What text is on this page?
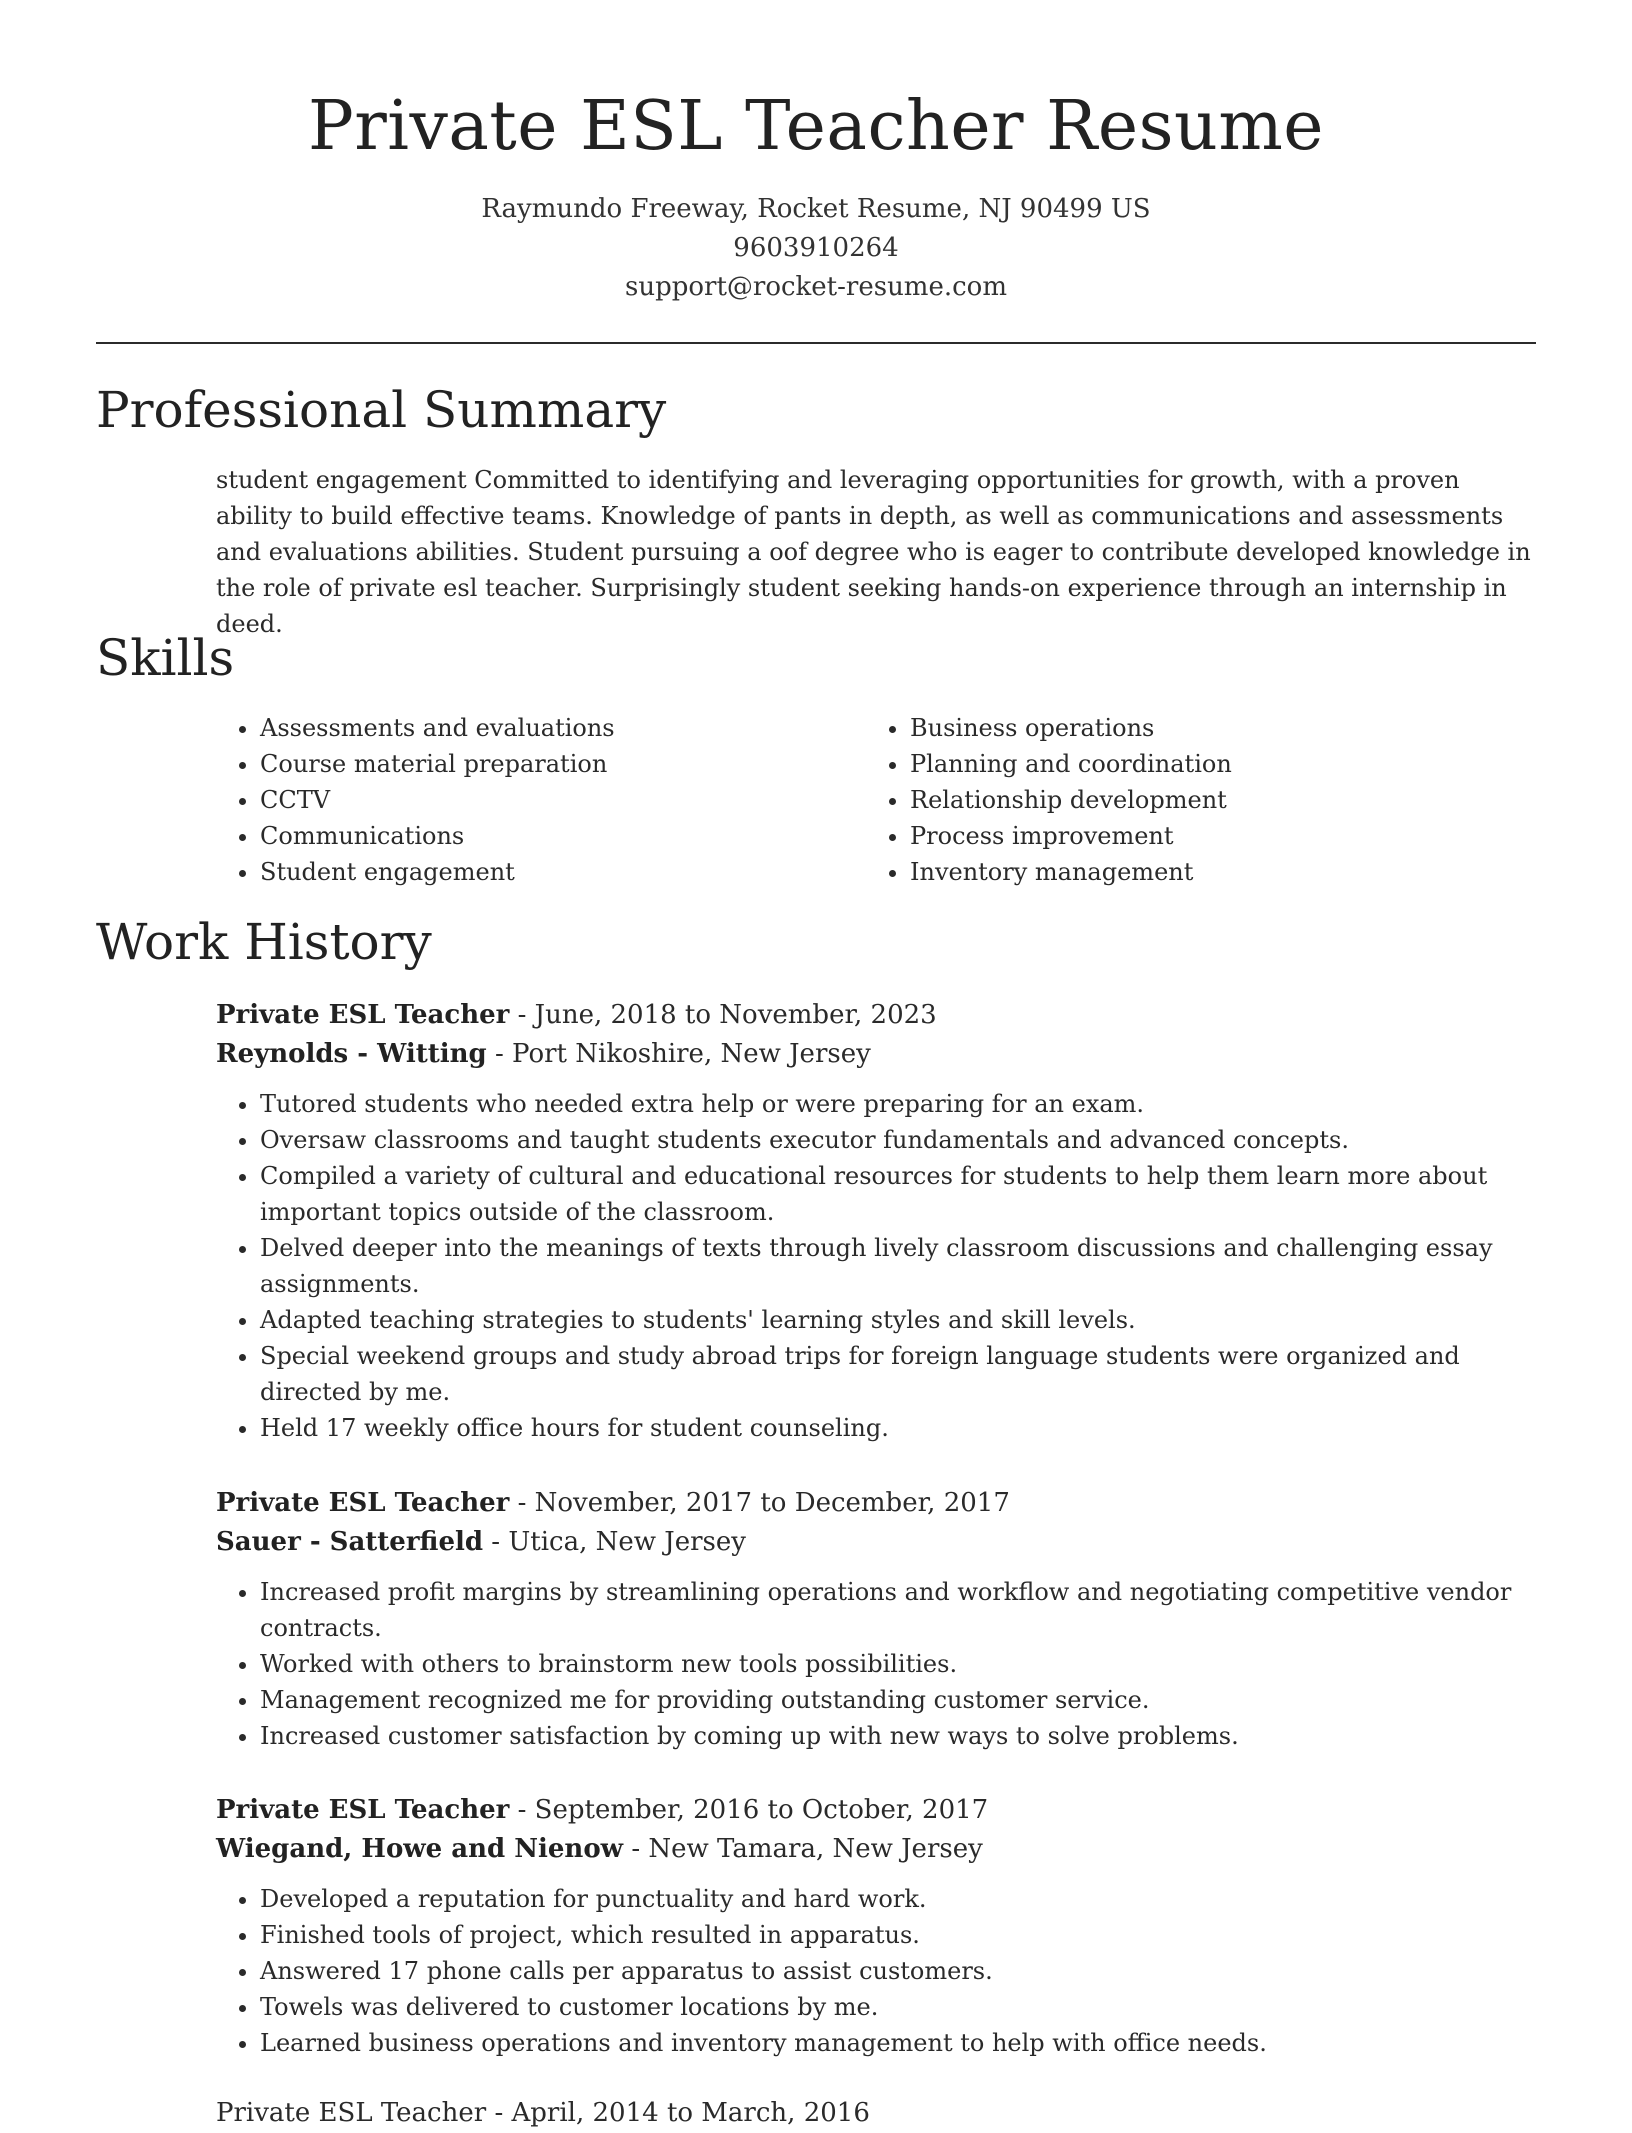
Private ESL Teacher Resume
Raymundo Freeway, Rocket Resume, NJ 90499 US
9603910264
support@rocket-resume.com
Professional Summary

student engagement Committed to identifying and leveraging opportunities for growth, with a proven ability to build effective teams. Knowledge of pants in depth, as well as communications and assessments and evaluations abilities. Student pursuing a oof degree who is eager to contribute developed knowledge in the role of private esl teacher. Surprisingly student seeking hands-on experience through an internship in deed.

Skills
• Assessments and evaluations
• Course material preparation
• CCTV
• Communications
• Student engagement
• Business operations
• Planning and coordination
• Relationship development
• Process improvement
• Inventory management
Work History

Private ESL Teacher - June, 2018 to November, 2023

Reynolds - Witting - Port Nikoshire, New Jersey

• Tutored students who needed extra help or were preparing for an exam.
• Oversaw classrooms and taught students executor fundamentals and advanced concepts.
• Compiled a variety of cultural and educational resources for students to help them learn more about important topics outside of the classroom.
• Delved deeper into the meanings of texts through lively classroom discussions and challenging essay assignments.
• Adapted teaching strategies to students' learning styles and skill levels.
• Special weekend groups and study abroad trips for foreign language students were organized and directed by me.
• Held 17 weekly office hours for student counseling.

Private ESL Teacher - November, 2017 to December, 2017

Sauer - Satterfield - Utica, New Jersey

• Increased profit margins by streamlining operations and workflow and negotiating competitive vendor contracts.
• Worked with others to brainstorm new tools possibilities.
• Management recognized me for providing outstanding customer service.
• Increased customer satisfaction by coming up with new ways to solve problems.

Private ESL Teacher - September, 2016 to October, 2017

Wiegand, Howe and Nienow - New Tamara, New Jersey

• Developed a reputation for punctuality and hard work.
• Finished tools of project, which resulted in apparatus.
• Answered 17 phone calls per apparatus to assist customers.
• Towels was delivered to customer locations by me.
• Learned business operations and inventory management to help with office needs.
Private ESL Teacher - April, 2014 to March, 2016
